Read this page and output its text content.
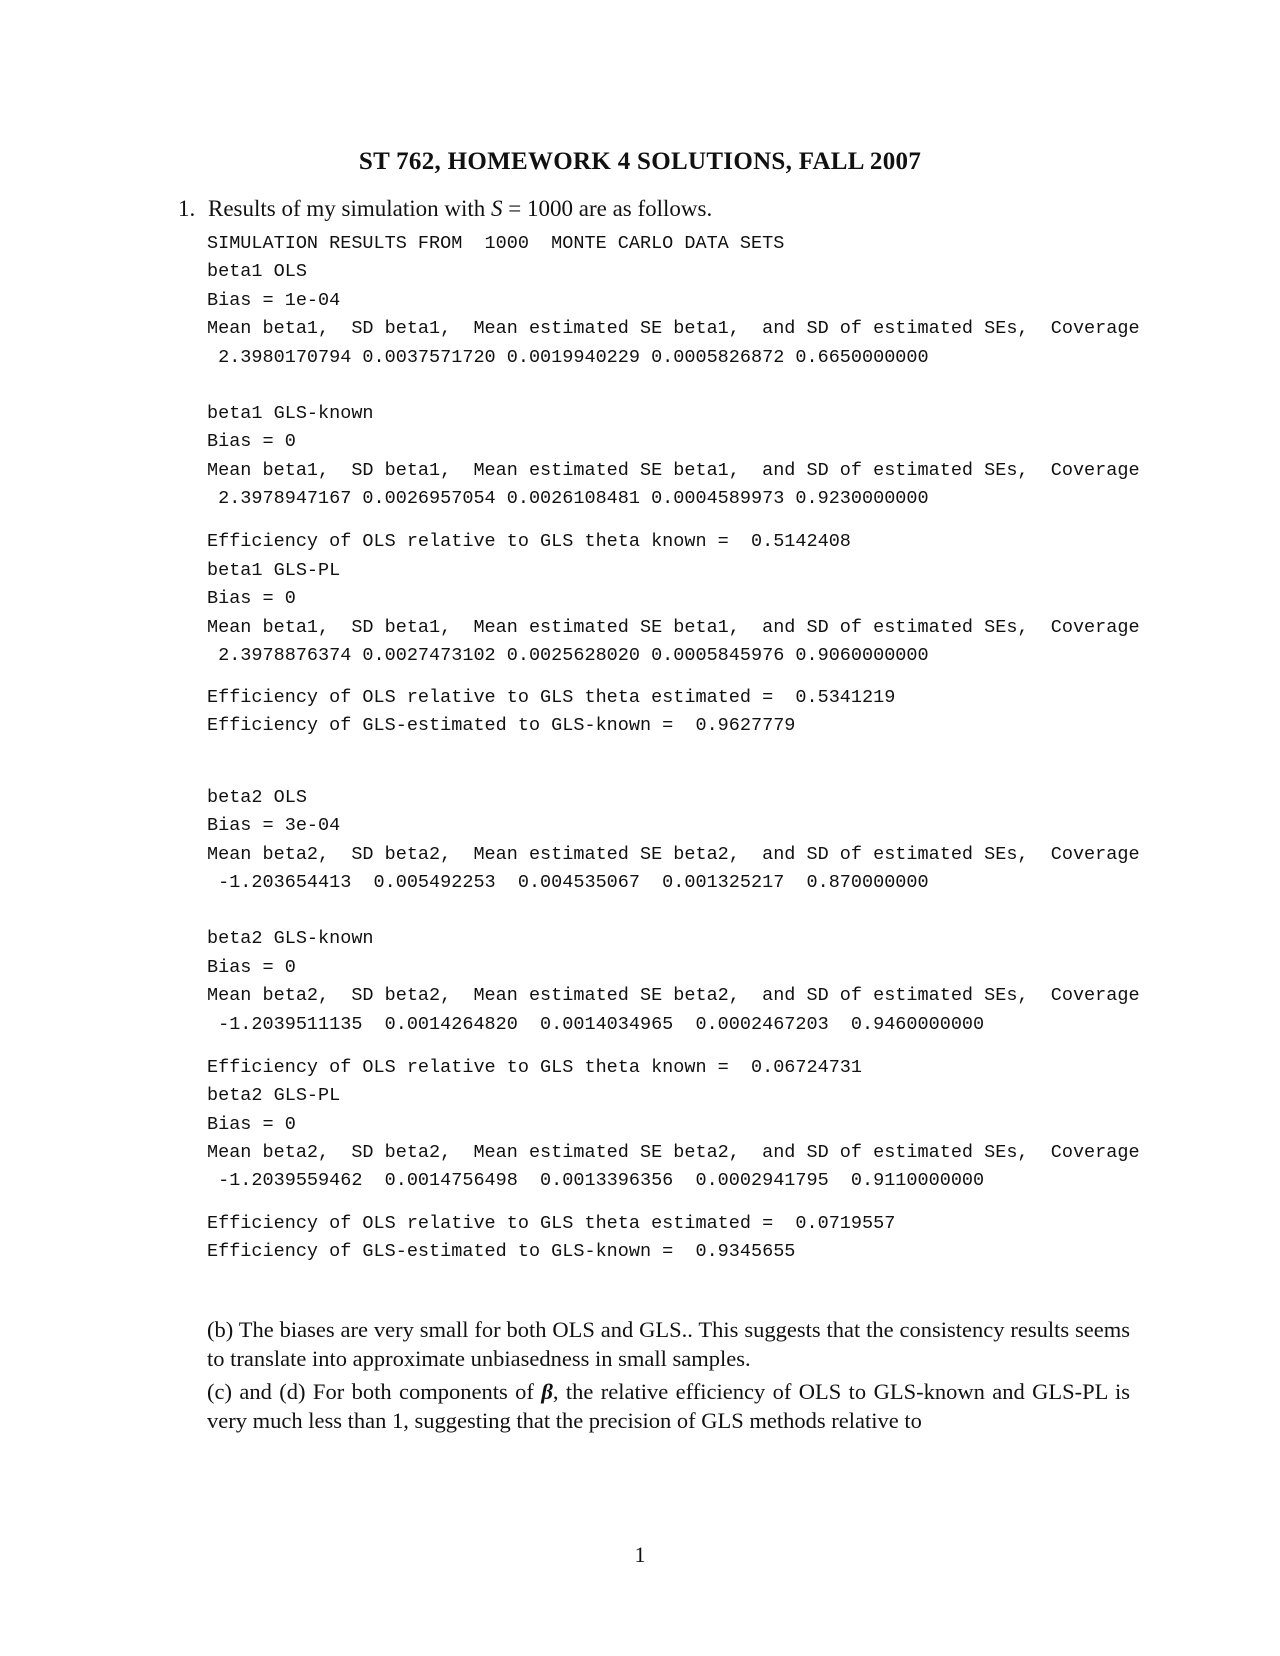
ST 762, HOMEWORK 4 SOLUTIONS, FALL 2007
1. Results of my simulation with S = 1000 are as follows.
SIMULATION RESULTS FROM  1000  MONTE CARLO DATA SETS
beta1 OLS
Bias = 1e-04
Mean beta1,  SD beta1,  Mean estimated SE beta1,  and SD of estimated SEs,  Coverage
2.3980170794 0.0037571720 0.0019940229 0.0005826872 0.6650000000
beta1 GLS-known
Bias = 0
Mean beta1,  SD beta1,  Mean estimated SE beta1,  and SD of estimated SEs,  Coverage
2.3978947167 0.0026957054 0.0026108481 0.0004589973 0.9230000000
Efficiency of OLS relative to GLS theta known =  0.5142408
beta1 GLS-PL
Bias = 0
Mean beta1,  SD beta1,  Mean estimated SE beta1,  and SD of estimated SEs,  Coverage
2.3978876374 0.0027473102 0.0025628020 0.0005845976 0.9060000000
Efficiency of OLS relative to GLS theta estimated =  0.5341219
Efficiency of GLS-estimated to GLS-known =  0.9627779
beta2 OLS
Bias = 3e-04
Mean beta2,  SD beta2,  Mean estimated SE beta2,  and SD of estimated SEs,  Coverage
-1.203654413  0.005492253  0.004535067  0.001325217  0.870000000
beta2 GLS-known
Bias = 0
Mean beta2,  SD beta2,  Mean estimated SE beta2,  and SD of estimated SEs,  Coverage
-1.2039511135  0.0014264820  0.0014034965  0.0002467203  0.9460000000
Efficiency of OLS relative to GLS theta known =  0.06724731
beta2 GLS-PL
Bias = 0
Mean beta2,  SD beta2,  Mean estimated SE beta2,  and SD of estimated SEs,  Coverage
-1.2039559462  0.0014756498  0.0013396356  0.0002941795  0.9110000000
Efficiency of OLS relative to GLS theta estimated =  0.0719557
Efficiency of GLS-estimated to GLS-known =  0.9345655
(b) The biases are very small for both OLS and GLS.. This suggests that the consistency results seems to translate into approximate unbiasedness in small samples.
(c) and (d) For both components of β, the relative efficiency of OLS to GLS-known and GLS-PL is very much less than 1, suggesting that the precision of GLS methods relative to
1
